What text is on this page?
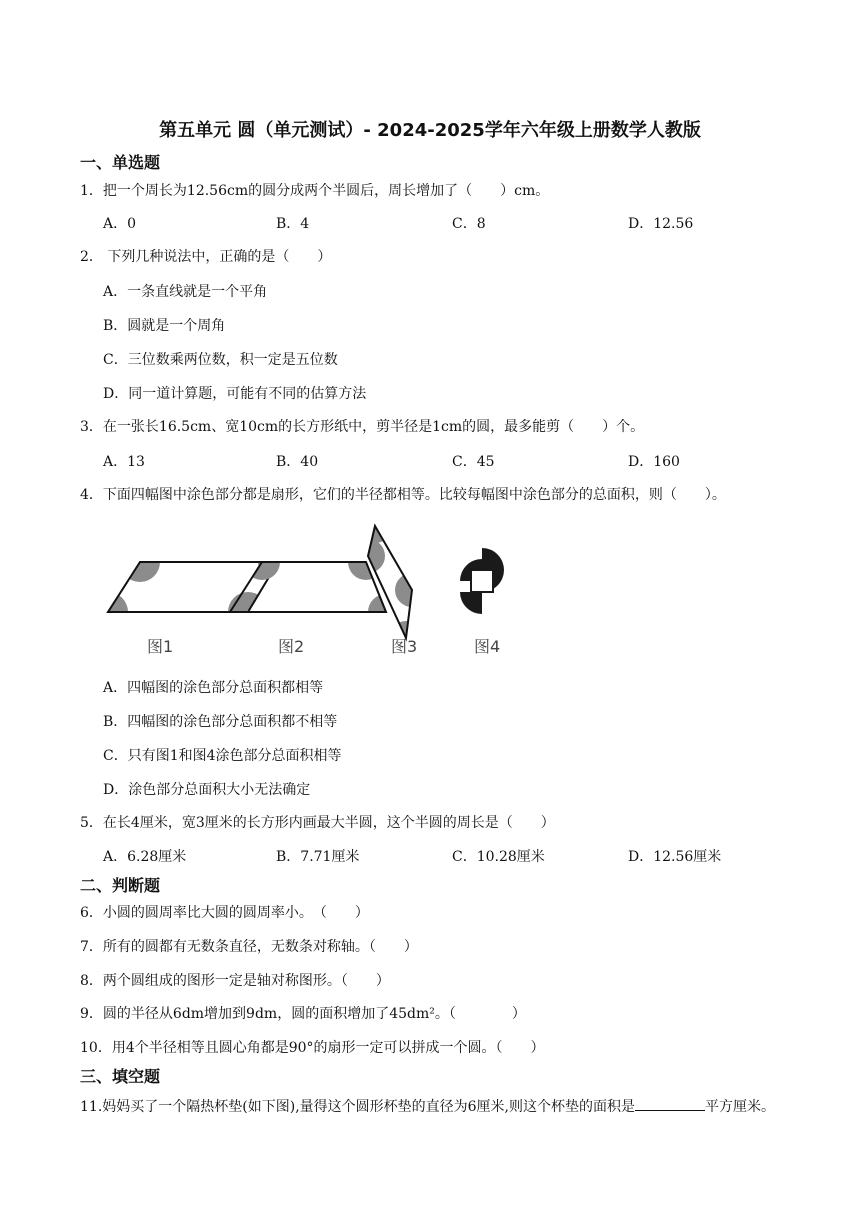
第五单元 圆（单元测试）- 2024-2025学年六年级上册数学人教版
一、单选题
1．把一个周长为12.56cm的圆分成两个半圆后，周长增加了（　　）cm。
A．0	B．4	C．8	D．12.56
2． 下列几种说法中，正确的是（　　）
A．一条直线就是一个平角
B．圆就是一个周角
C．三位数乘两位数，积一定是五位数
D．同一道计算题，可能有不同的估算方法
3．在一张长16.5cm、宽10cm的长方形纸中，剪半径是1cm的圆，最多能剪（　　）个。
A．13	B．40	C．45	D．160
4．下面四幅图中涂色部分都是扇形，它们的半径都相等。比较每幅图中涂色部分的总面积，则（　　）。
图1	图2	图3	图4
A．四幅图的涂色部分总面积都相等
B．四幅图的涂色部分总面积都不相等
C．只有图1和图4涂色部分总面积相等
D．涂色部分总面积大小无法确定
5．在长4厘米，宽3厘米的长方形内画最大半圆，这个半圆的周长是（　　）
A．6.28厘米	B．7.71厘米	C．10.28厘米	D．12.56厘米
二、判断题
6．小圆的圆周率比大圆的圆周率小。　（　　）
7．所有的圆都有无数条直径，无数条对称轴。（　　）
8．两个圆组成的图形一定是轴对称图形。（　　）
9．圆的半径从6dm增加到9dm，圆的面积增加了45dm²。（　　　　）
10．用4个半径相等且圆心角都是90°的扇形一定可以拼成一个圆。（　　）
三、填空题
11.妈妈买了一个隔热杯垫(如下图),量得这个圆形杯垫的直径为6厘米,则这个杯垫的面积是	平方厘米。
